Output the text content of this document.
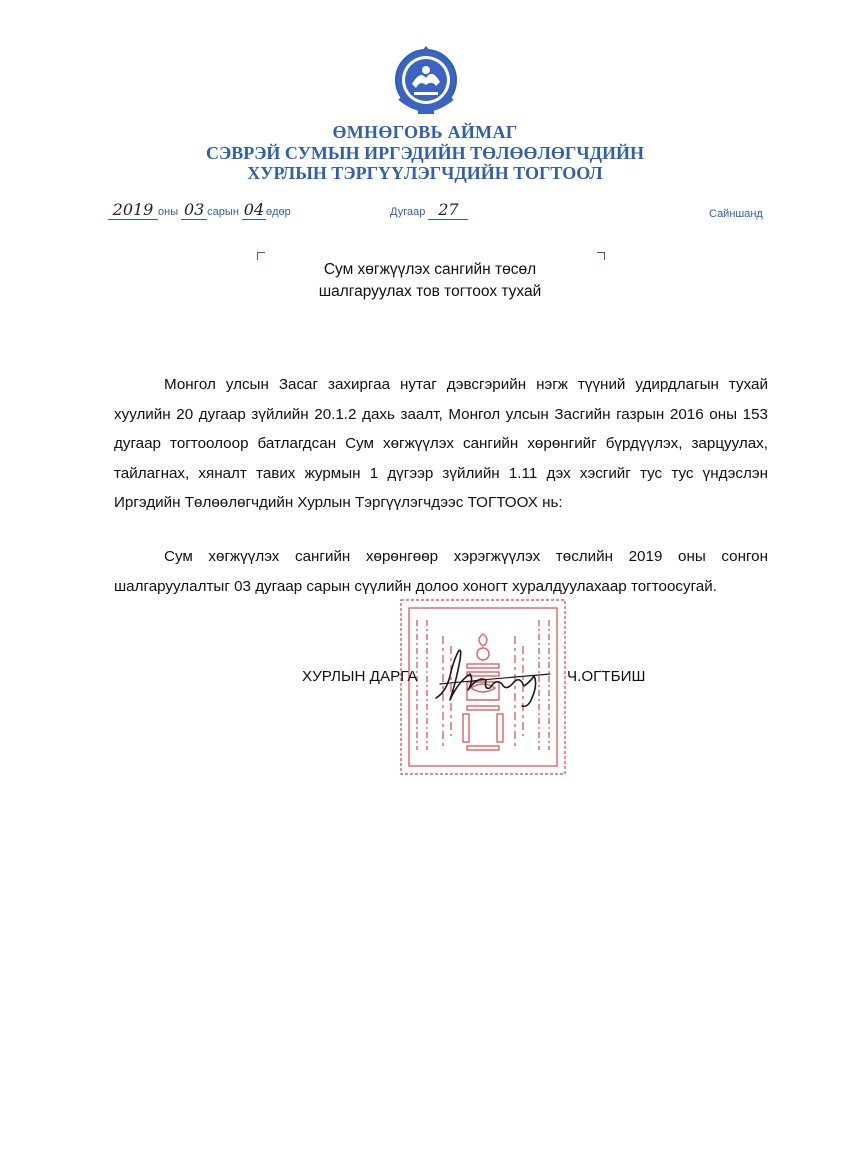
ӨМНӨГОВЬ АЙМАГ
СЭВРЭЙ СУМЫН ИРГЭДИЙН ТӨЛӨӨЛӨГЧДИЙН
ХУРЛЫН ТЭРГҮҮЛЭГЧДИЙН ТОГТООЛ
2019 оны 03 сарын 04 өдөр	Дугаар 27	Сайншанд
Сум хөгжүүлэх сангийн төсөл
шалгаруулах тов тогтоох тухай
Монгол улсын Засаг захиргаа нутаг дэвсгэрийн нэгж түүний удирдлагын тухай хуулийн 20 дугаар зүйлийн 20.1.2 дахь заалт, Монгол улсын Засгийн газрын 2016 оны 153 дугаар тогтоолоор батлагдсан Сум хөгжүүлэх сангийн хөрөнгийг бүрдүүлэх, зарцуулах, тайлагнах, хяналт тавих журмын 1 дүгээр зүйлийн 1.11 дэх хэсгийг тус тус үндэслэн Иргэдийн Төлөөлөгчдийн Хурлын Тэргүүлэгчдээс ТОГТООХ нь:
Сум хөгжүүлэх сангийн хөрөнгөөр хэрэгжүүлэх төслийн 2019 оны сонгон шалгаруулалтыг 03 дугаар сарын сүүлийн долоо хоногт хуралдуулахаар тогтоосугай.
ХУРЛЫН ДАРГА	Ч.ОГТБИШ
